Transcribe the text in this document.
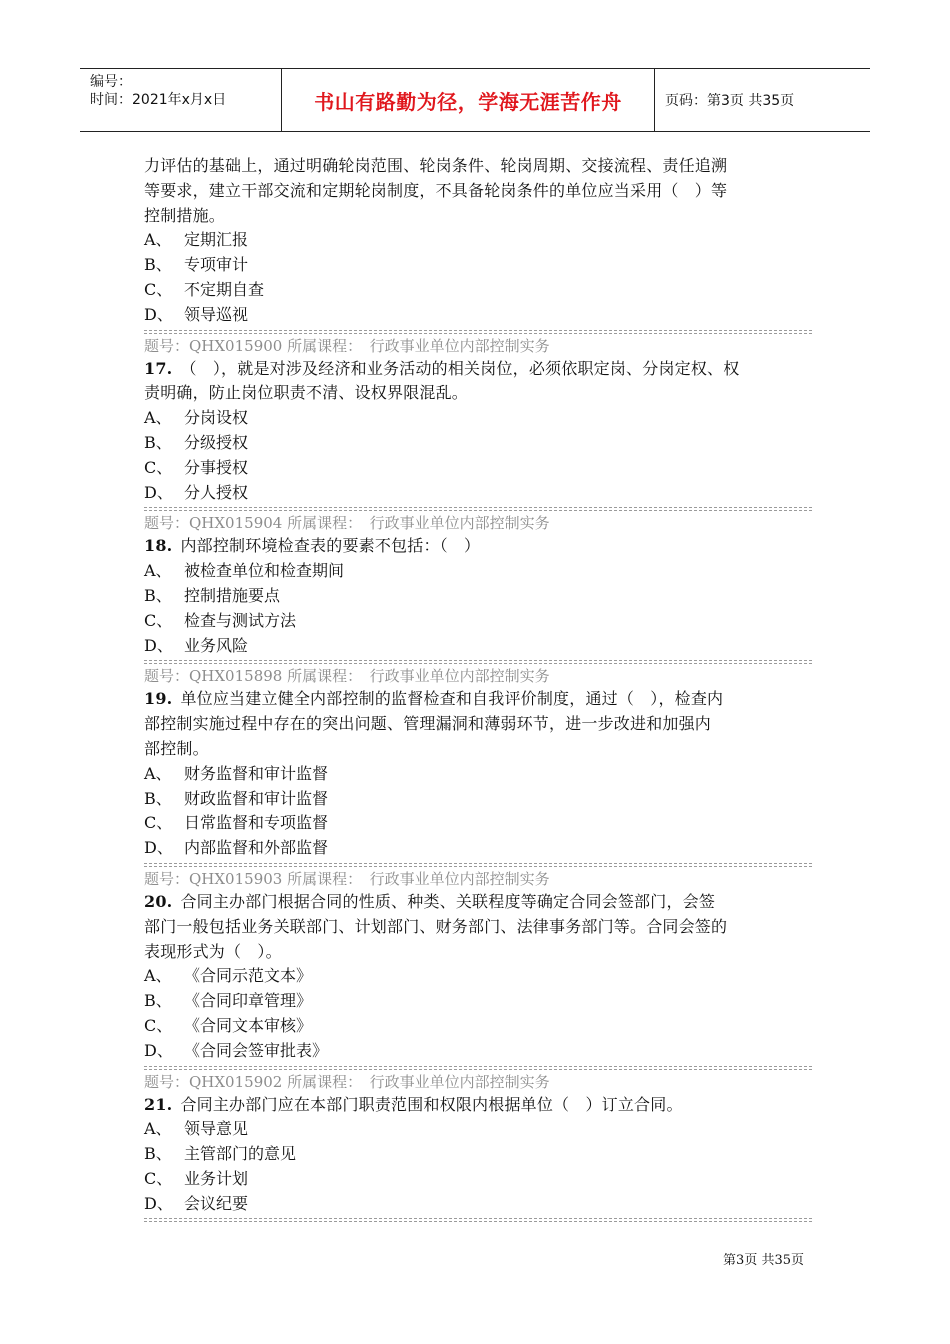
编号：
时间：2021年x月x日	书山有路勤为径，学海无涯苦作舟	页码：第3页 共35页
力评估的基础上，通过明确轮岗范围、轮岗条件、轮岗周期、交接流程、责任追溯
等要求，建立干部交流和定期轮岗制度，不具备轮岗条件的单位应当采用（　）等
控制措施。
A、 定期汇报
B、 专项审计
C、 不定期自查
D、 领导巡视
题号：QHX015900 所属课程：　行政事业单位内部控制实务
17. （　），就是对涉及经济和业务活动的相关岗位，必须依职定岗、分岗定权、权
责明确，防止岗位职责不清、设权界限混乱。
A、 分岗设权
B、 分级授权
C、 分事授权
D、 分人授权
题号：QHX015904 所属课程：　行政事业单位内部控制实务
18. 内部控制环境检查表的要素不包括：（　）
A、 被检查单位和检查期间
B、 控制措施要点
C、 检查与测试方法
D、 业务风险
题号：QHX015898 所属课程：　行政事业单位内部控制实务
19. 单位应当建立健全内部控制的监督检查和自我评价制度，通过（　），检查内
部控制实施过程中存在的突出问题、管理漏洞和薄弱环节，进一步改进和加强内
部控制。
A、 财务监督和审计监督
B、 财政监督和审计监督
C、 日常监督和专项监督
D、 内部监督和外部监督
题号：QHX015903 所属课程：　行政事业单位内部控制实务
20. 合同主办部门根据合同的性质、种类、关联程度等确定合同会签部门，会签
部门一般包括业务关联部门、计划部门、财务部门、法律事务部门等。合同会签的
表现形式为（　）。
A、 《合同示范文本》
B、 《合同印章管理》
C、 《合同文本审核》
D、 《合同会签审批表》
题号：QHX015902 所属课程：　行政事业单位内部控制实务
21. 合同主办部门应在本部门职责范围和权限内根据单位（　）订立合同。
A、 领导意见
B、 主管部门的意见
C、 业务计划
D、 会议纪要
第3页 共35页
